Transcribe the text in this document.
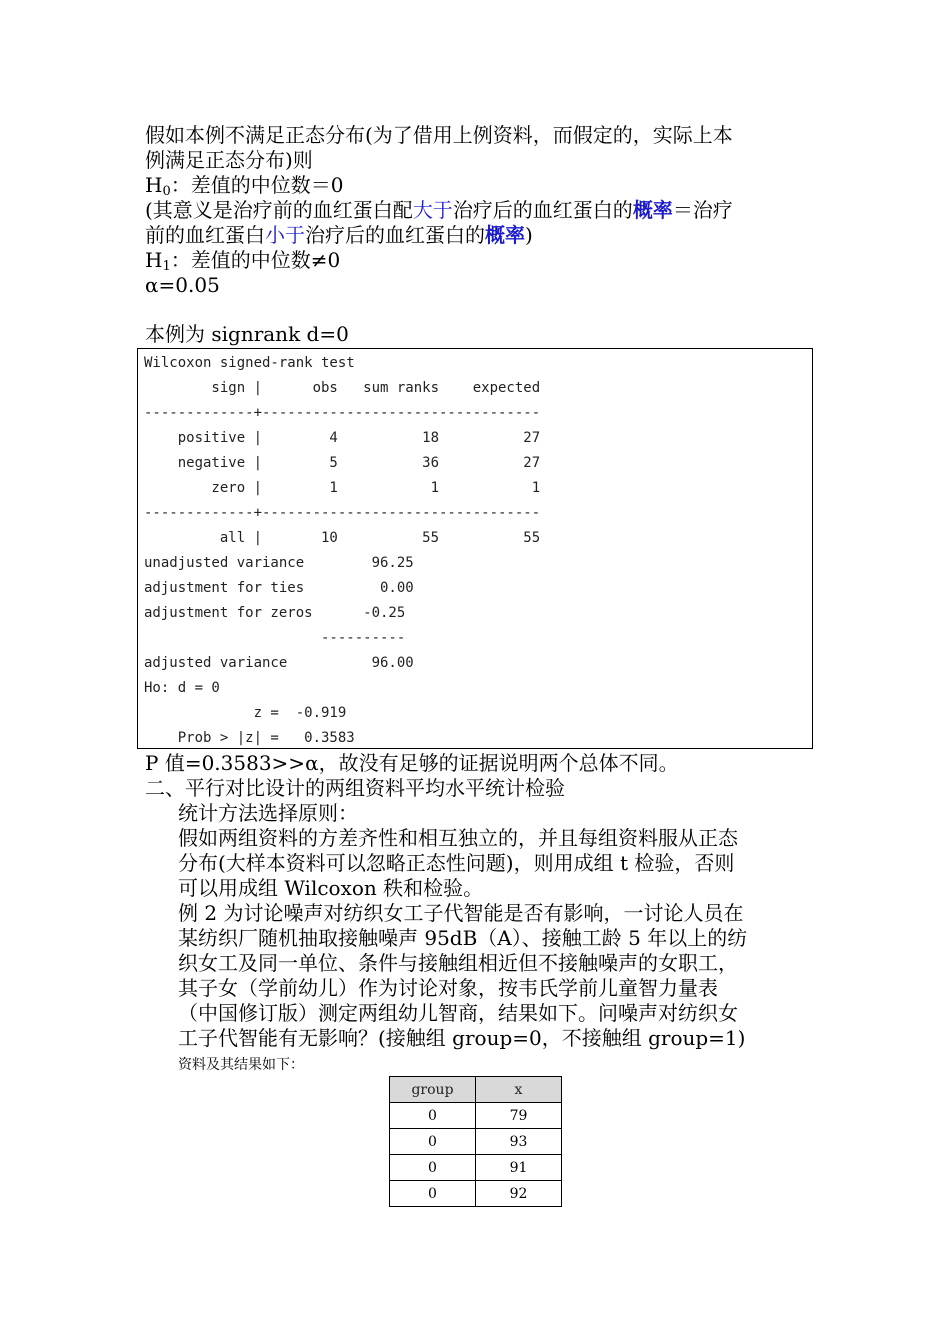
假如本例不满足正态分布(为了借用上例资料，而假定的，实际上本
例满足正态分布)则
$H_0$：差值的中位数＝0
(其意义是治疗前的血红蛋白配大于治疗后的血红蛋白的概率＝治疗
前的血红蛋白小于治疗后的血红蛋白的概率)
$H_1$：差值的中位数≠0
α=0.05
本例为 signrank d=0
Wilcoxon signed-rank test
sign |      obs   sum ranks    expected
-------------+---------------------------------
positive |        4          18          27
negative |        5          36          27
zero |        1           1           1
-------------+---------------------------------
all |       10          55          55
unadjusted variance        96.25
adjustment for ties         0.00
adjustment for zeros      -0.25
----------
adjusted variance          96.00
Ho: d = 0
z =  -0.919
Prob > |z| =   0.3583
P 值=0.3583>>α，故没有足够的证据说明两个总体不同。
二、平行对比设计的两组资料平均水平统计检验
统计方法选择原则：
假如两组资料的方差齐性和相互独立的，并且每组资料服从正态
分布(大样本资料可以忽略正态性问题)，则用成组 t 检验，否则
可以用成组 Wilcoxon 秩和检验。
例 2 为讨论噪声对纺织女工子代智能是否有影响，一讨论人员在
某纺织厂随机抽取接触噪声 95dB（A）、接触工龄 5 年以上的纺
织女工及同一单位、条件与接触组相近但不接触噪声的女职工，
其子女（学前幼儿）作为讨论对象，按韦氏学前儿童智力量表
（中国修订版）测定两组幼儿智商，结果如下。问噪声对纺织女
工子代智能有无影响？(接触组 group=0，不接触组 group=1)
资料及其结果如下：
group	x
0	79
0	93
0	91
0	92
